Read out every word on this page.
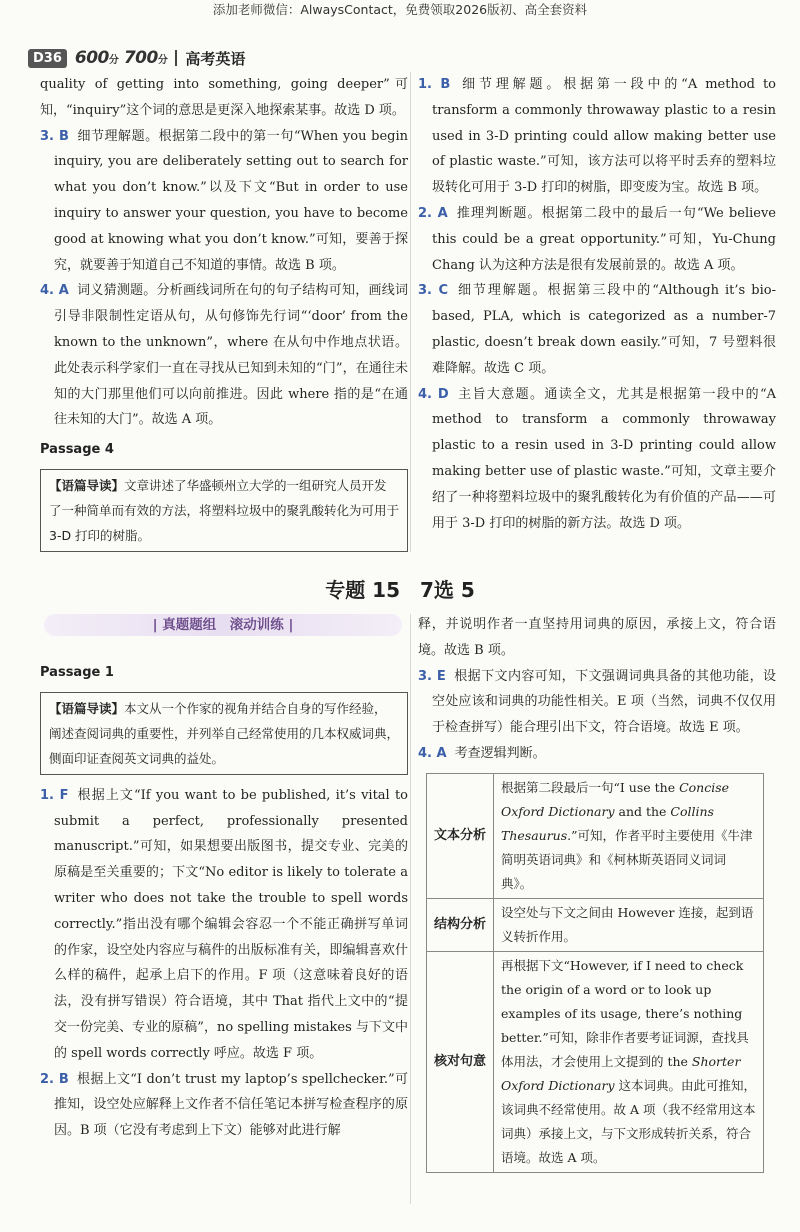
添加老师微信：AlwaysContact，免费领取2026版初、高全套资料
D36 600分 700分 高考英语

quality of getting into something, going deeper”可知，“inquiry”这个词的意思是更深入地探索某事。故选 D 项。

3. B 细节理解题。根据第二段中的第一句“When you begin inquiry, you are deliberately setting out to search for what you don’t know.”以及下文“But in order to use inquiry to answer your question, you have to become good at knowing what you don’t know.”可知，要善于探究，就要善于知道自己不知道的事情。故选 B 项。

4. A 词义猜测题。分析画线词所在句的句子结构可知，画线词引导非限制性定语从句，从句修饰先行词“‘door’ from the known to the unknown”，where 在从句中作地点状语。此处表示科学家们一直在寻找从已知到未知的“门”，在通往未知的大门那里他们可以向前推进。因此 where 指的是“在通往未知的大门”。故选 A 项。

Passage 4
【语篇导读】文章讲述了华盛顿州立大学的一组研究人员开发了一种简单而有效的方法，将塑料垃圾中的聚乳酸转化为可用于 3-D 打印的树脂。

1. B 细节理解题。根据第一段中的“A method to transform a commonly throwaway plastic to a resin used in 3-D printing could allow making better use of plastic waste.”可知，该方法可以将平时丢弃的塑料垃圾转化可用于 3-D 打印的树脂，即变废为宝。故选 B 项。

2. A 推理判断题。根据第二段中的最后一句“We believe this could be a great opportunity.”可知，Yu-Chung Chang 认为这种方法是很有发展前景的。故选 A 项。

3. C 细节理解题。根据第三段中的“Although it’s bio-based, PLA, which is categorized as a number-7 plastic, doesn’t break down easily.”可知，7 号塑料很难降解。故选 C 项。

4. D 主旨大意题。通读全文，尤其是根据第一段中的“A method to transform a commonly throwaway plastic to a resin used in 3-D printing could allow making better use of plastic waste.”可知，文章主要介绍了一种将塑料垃圾中的聚乳酸转化为有价值的产品——可用于 3-D 打印的树脂的新方法。故选 D 项。

专题 15　7选 5
| 真题题组　滚动训练 |
Passage 1
【语篇导读】本文从一个作家的视角并结合自身的写作经验，阐述查阅词典的重要性，并列举自己经常使用的几本权威词典，侧面印证查阅英文词典的益处。

1. F 根据上文“If you want to be published, it’s vital to submit a perfect, professionally presented manuscript.”可知，如果想要出版图书，提交专业、完美的原稿是至关重要的；下文“No editor is likely to tolerate a writer who does not take the trouble to spell words correctly.”指出没有哪个编辑会容忍一个不能正确拼写单词的作家，设空处内容应与稿件的出版标准有关，即编辑喜欢什么样的稿件，起承上启下的作用。F 项（这意味着良好的语法，没有拼写错误）符合语境，其中 That 指代上文中的“提交一份完美、专业的原稿”，no spelling mistakes 与下文中的 spell words correctly 呼应。故选 F 项。

2. B 根据上文“I don’t trust my laptop’s spellchecker.”可推知，设空处应解释上文作者不信任笔记本拼写检查程序的原因。B 项（它没有考虑到上下文）能够对此进行解

释，并说明作者一直坚持用词典的原因，承接上文，符合语境。故选 B 项。

3. E 根据下文内容可知，下文强调词典具备的其他功能，设空处应该和词典的功能性相关。E 项（当然，词典不仅仅用于检查拼写）能合理引出下文，符合语境。故选 E 项。

4. A 考查逻辑判断。

文本分析	根据第二段最后一句“I use the Concise Oxford Dictionary and the Collins Thesaurus.”可知，作者平时主要使用《牛津简明英语词典》和《柯林斯英语同义词词典》。
结构分析	设空处与下文之间由 However 连接，起到语义转折作用。
核对句意	再根据下文“However, if I need to check the origin of a word or to look up examples of its usage, there’s nothing better.”可知，除非作者要考证词源，查找具体用法，才会使用上文提到的 the Shorter Oxford Dictionary 这本词典。由此可推知，该词典不经常使用。故 A 项（我不经常用这本词典）承接上文，与下文形成转折关系，符合语境。故选 A 项。
